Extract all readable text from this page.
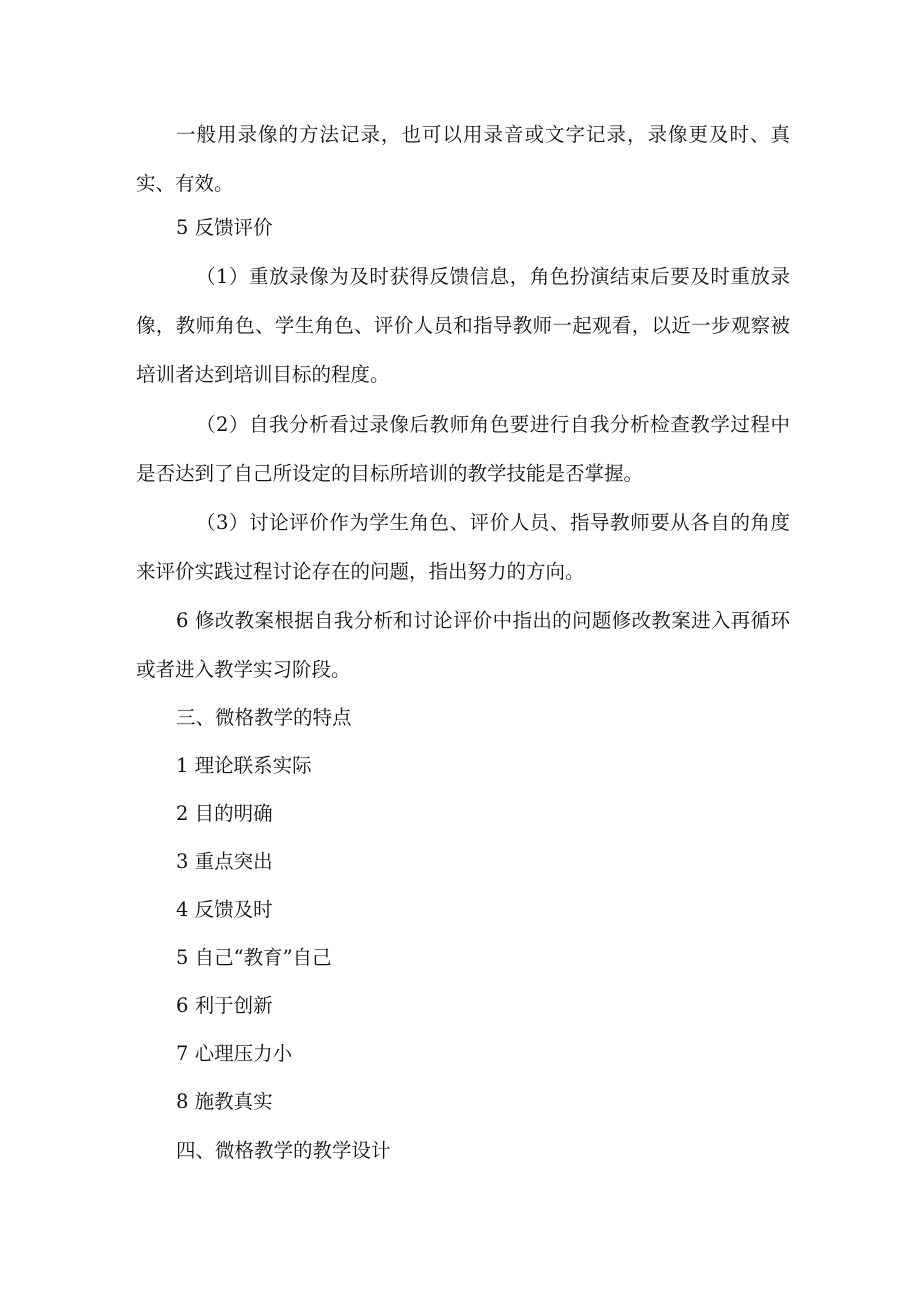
一般用录像的方法记录，也可以用录音或文字记录，录像更及时、真实、有效。

5 反馈评价

（1）重放录像为及时获得反馈信息，角色扮演结束后要及时重放录像，教师角色、学生角色、评价人员和指导教师一起观看，以近一步观察被培训者达到培训目标的程度。

（2）自我分析看过录像后教师角色要进行自我分析检查教学过程中是否达到了自己所设定的目标所培训的教学技能是否掌握。

（3）讨论评价作为学生角色、评价人员、指导教师要从各自的角度来评价实践过程讨论存在的问题，指出努力的方向。

6 修改教案根据自我分析和讨论评价中指出的问题修改教案进入再循环或者进入教学实习阶段。

三、微格教学的特点

1 理论联系实际

2 目的明确

3 重点突出

4 反馈及时

5 自己“教育”自己

6 利于创新

7 心理压力小

8 施教真实

四、微格教学的教学设计
